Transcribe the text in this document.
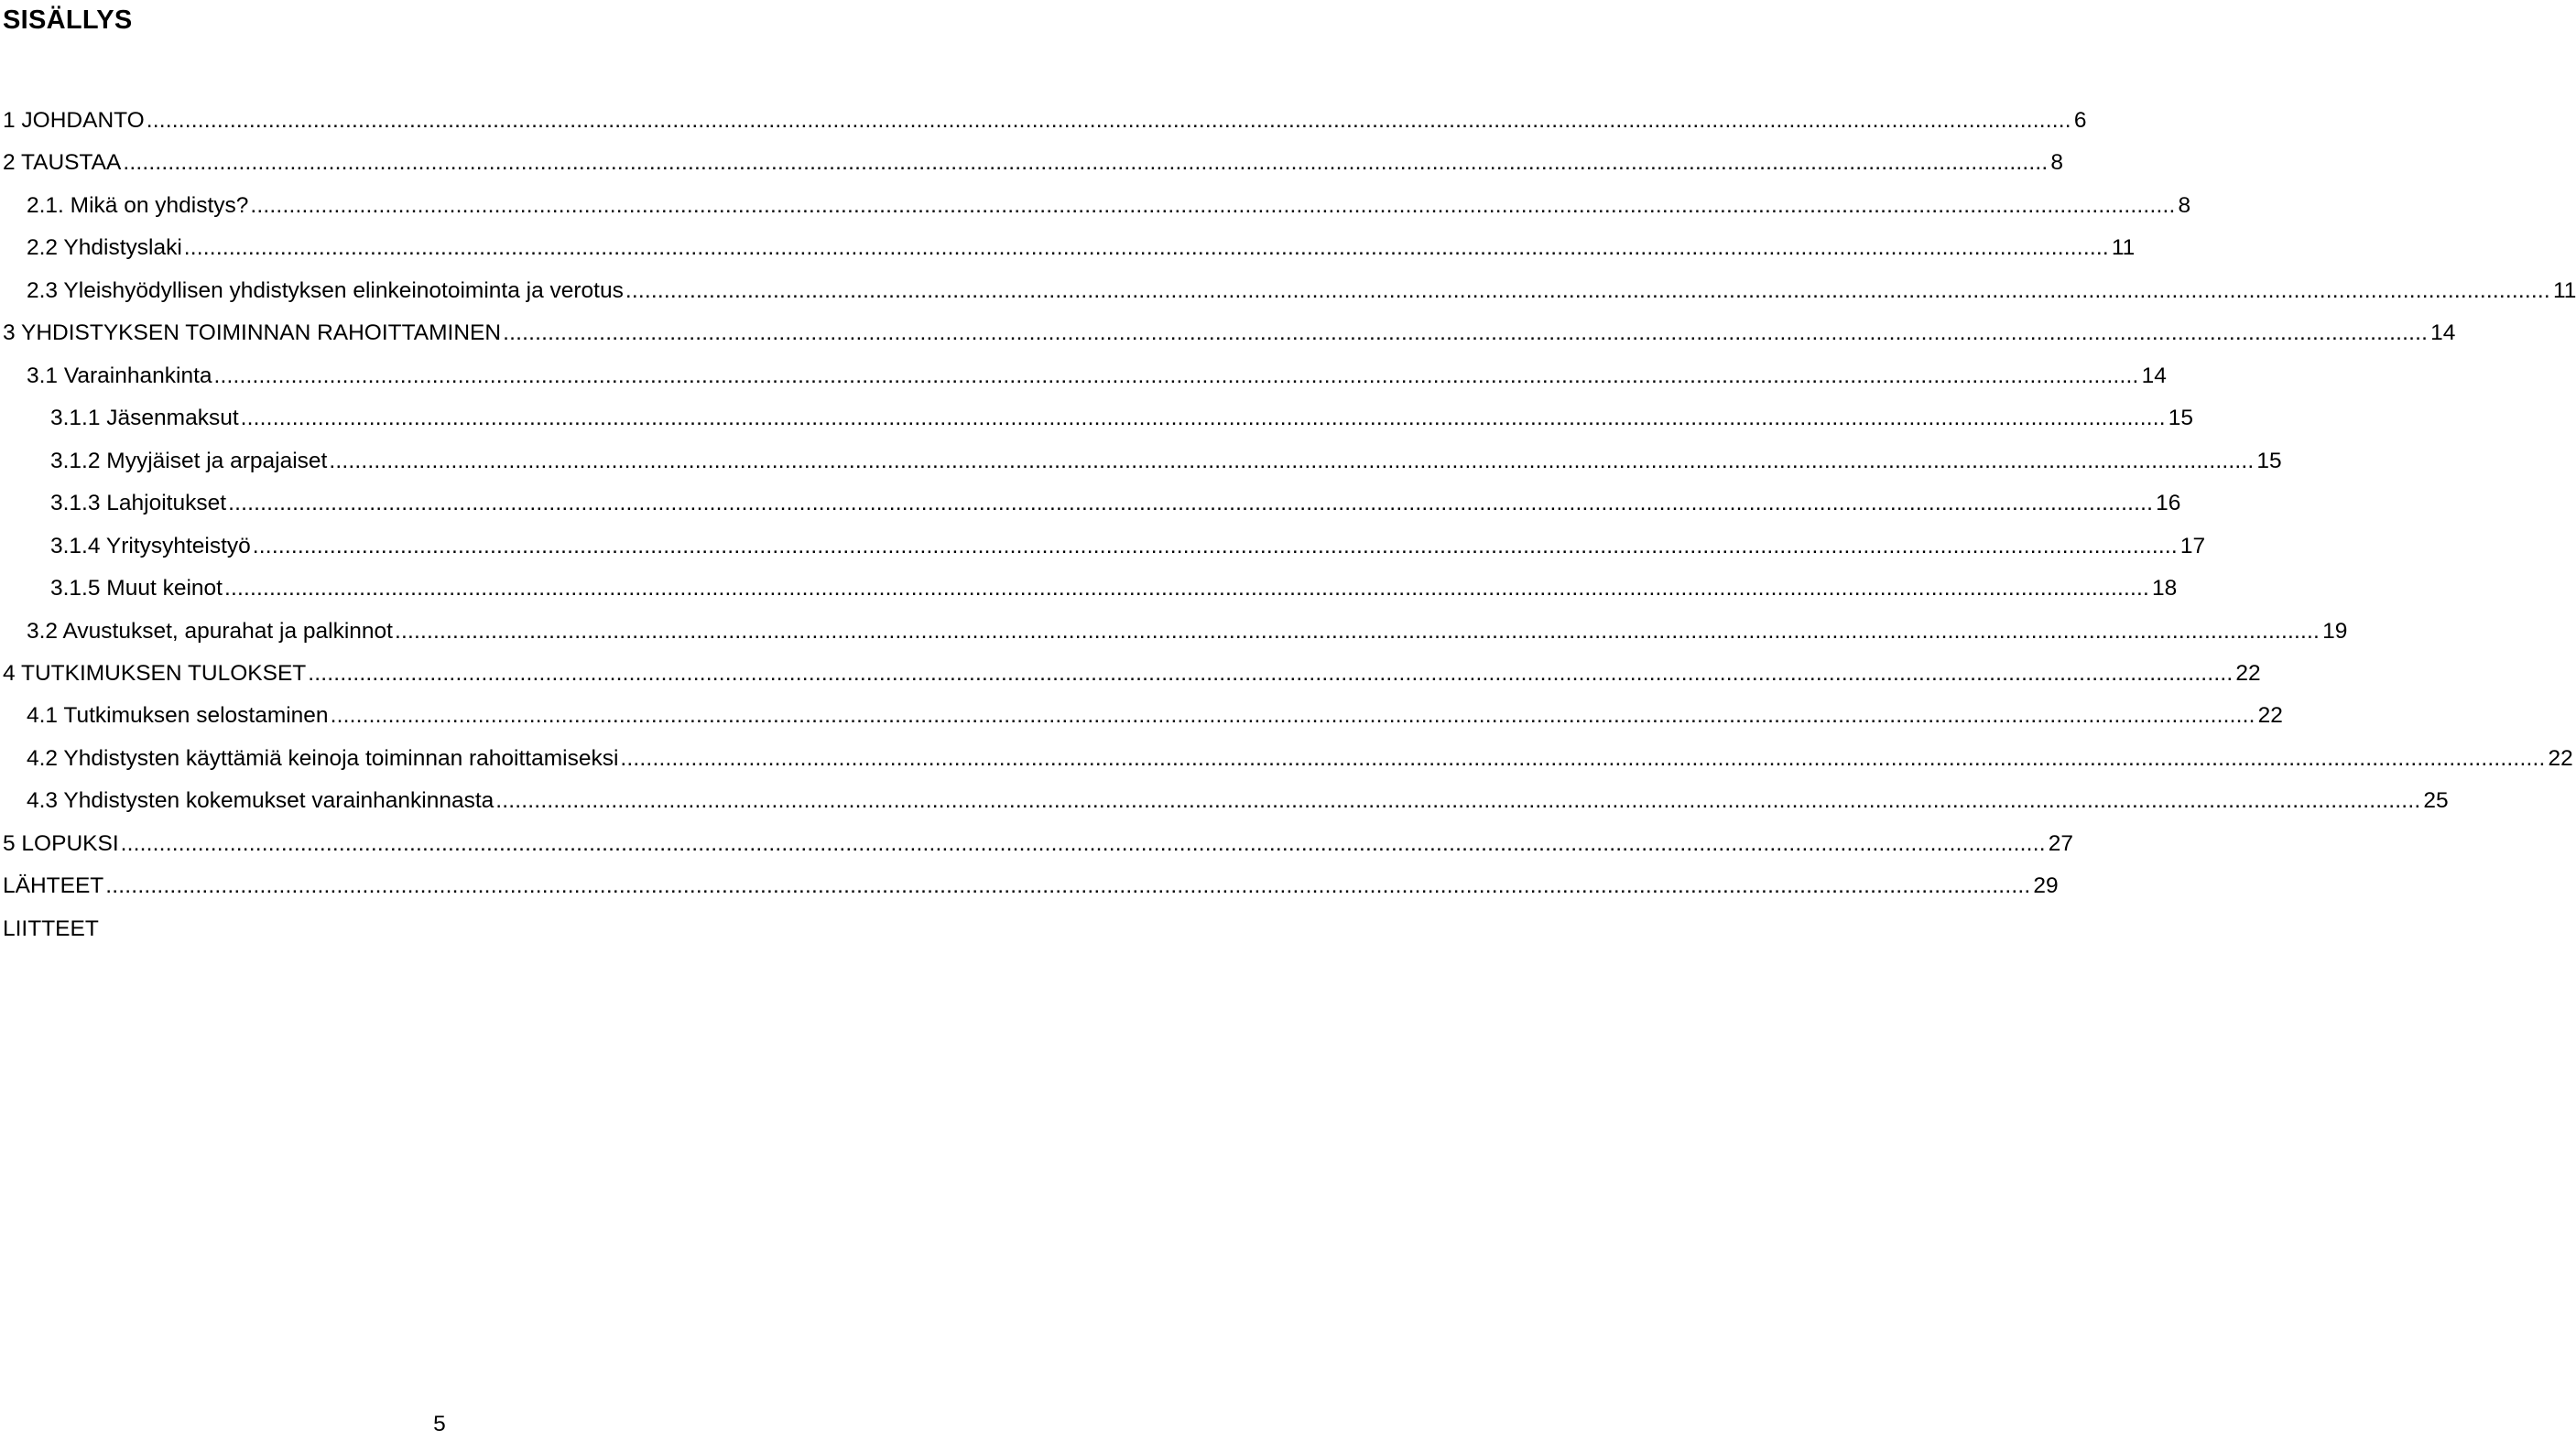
SISÄLLYS
1 JOHDANTO ............................................................................................................................................................................................................................................................................................................ 6
2 TAUSTAA ............................................................................................................................................................................................................................................................................................................ 8
2.1. Mikä on yhdistys? ............................................................................................................................................................................................................................................................................................................ 8
2.2 Yhdistyslaki ............................................................................................................................................................................................................................................................................................................ 11
2.3 Yleishyödyllisen yhdistyksen elinkeinotoiminta ja verotus ............................................................................................................................................................................................................................................................................................................ 11
3 YHDISTYKSEN TOIMINNAN RAHOITTAMINEN ............................................................................................................................................................................................................................................................................................................ 14
3.1 Varainhankinta ............................................................................................................................................................................................................................................................................................................ 14
3.1.1 Jäsenmaksut ............................................................................................................................................................................................................................................................................................................ 15
3.1.2 Myyjäiset ja arpajaiset ............................................................................................................................................................................................................................................................................................................ 15
3.1.3 Lahjoitukset ............................................................................................................................................................................................................................................................................................................ 16
3.1.4 Yritysyhteistyö ............................................................................................................................................................................................................................................................................................................ 17
3.1.5 Muut keinot ............................................................................................................................................................................................................................................................................................................ 18
3.2 Avustukset, apurahat ja palkinnot ............................................................................................................................................................................................................................................................................................................ 19
4 TUTKIMUKSEN TULOKSET ............................................................................................................................................................................................................................................................................................................ 22
4.1 Tutkimuksen selostaminen ............................................................................................................................................................................................................................................................................................................ 22
4.2 Yhdistysten käyttämiä keinoja toiminnan rahoittamiseksi ............................................................................................................................................................................................................................................................................................................ 22
4.3 Yhdistysten kokemukset varainhankinnasta ............................................................................................................................................................................................................................................................................................................ 25
5 LOPUKSI ............................................................................................................................................................................................................................................................................................................ 27
LÄHTEET ............................................................................................................................................................................................................................................................................................................ 29
LIITTEET
5
